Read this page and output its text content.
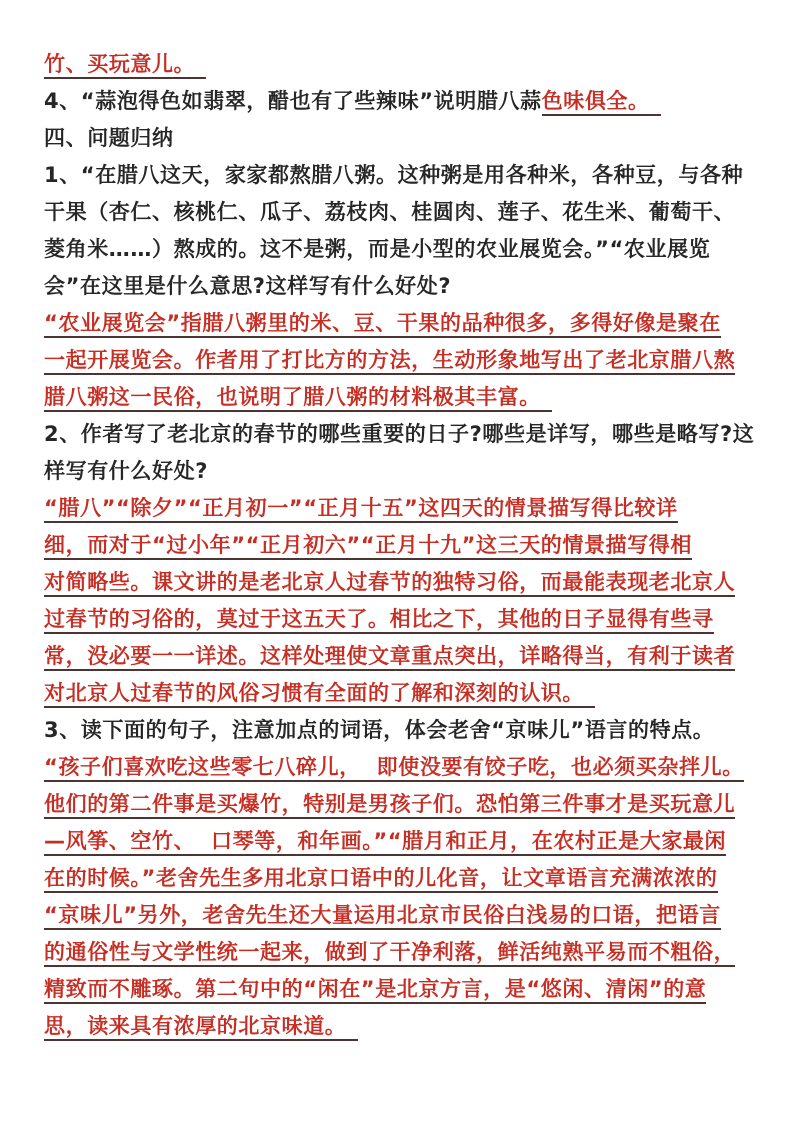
竹、买玩意儿。　
4、“蒜泡得色如翡翠，醋也有了些辣味”说明腊八蒜色味俱全。　
四、问题归纳
1、“在腊八这天，家家都熬腊八粥。这种粥是用各种米，各种豆，与各种
干果（杏仁、核桃仁、瓜子、荔枝肉、桂圆肉、莲子、花生米、葡萄干、
菱角米……）熬成的。这不是粥，而是小型的农业展览会。”“农业展览
会”在这里是什么意思?这样写有什么好处?
“农业展览会”指腊八粥里的米、豆、干果的品种很多，多得好像是聚在
一起开展览会。作者用了打比方的方法，生动形象地写出了老北京腊八熬
腊八粥这一民俗，也说明了腊八粥的材料极其丰富。　
2、作者写了老北京的春节的哪些重要的日子?哪些是详写，哪些是略写?这
样写有什么好处?
“腊八”“除夕”“正月初一”“正月十五”这四天的情景描写得比较详
细，而对于“过小年”“正月初六”“正月十九”这三天的情景描写得相
对简略些。课文讲的是老北京人过春节的独特习俗，而最能表现老北京人
过春节的习俗的，莫过于这五天了。相比之下，其他的日子显得有些寻
常，没必要一一详述。这样处理使文章重点突出，详略得当，有利于读者
对北京人过春节的风俗习惯有全面的了解和深刻的认识。　
3、读下面的句子，注意加点的词语，体会老舍“京味儿”语言的特点。
“孩子们喜欢吃这些零七八碎儿，  即使没要有饺子吃，也必须买杂拌儿。
他们的第二件事是买爆竹，特别是男孩子们。恐怕第三件事才是买玩意儿
—风筝、空竹、  口琴等，和年画。”“腊月和正月，在农村正是大家最闲
在的时候。”老舍先生多用北京口语中的儿化音，让文章语言充满浓浓的
“京味儿”另外，老舍先生还大量运用北京市民俗白浅易的口语，把语言
的通俗性与文学性统一起来，做到了干净利落，鲜活纯熟平易而不粗俗，
精致而不雕琢。第二句中的“闲在”是北京方言，是“悠闲、清闲”的意
思，读来具有浓厚的北京味道。　
